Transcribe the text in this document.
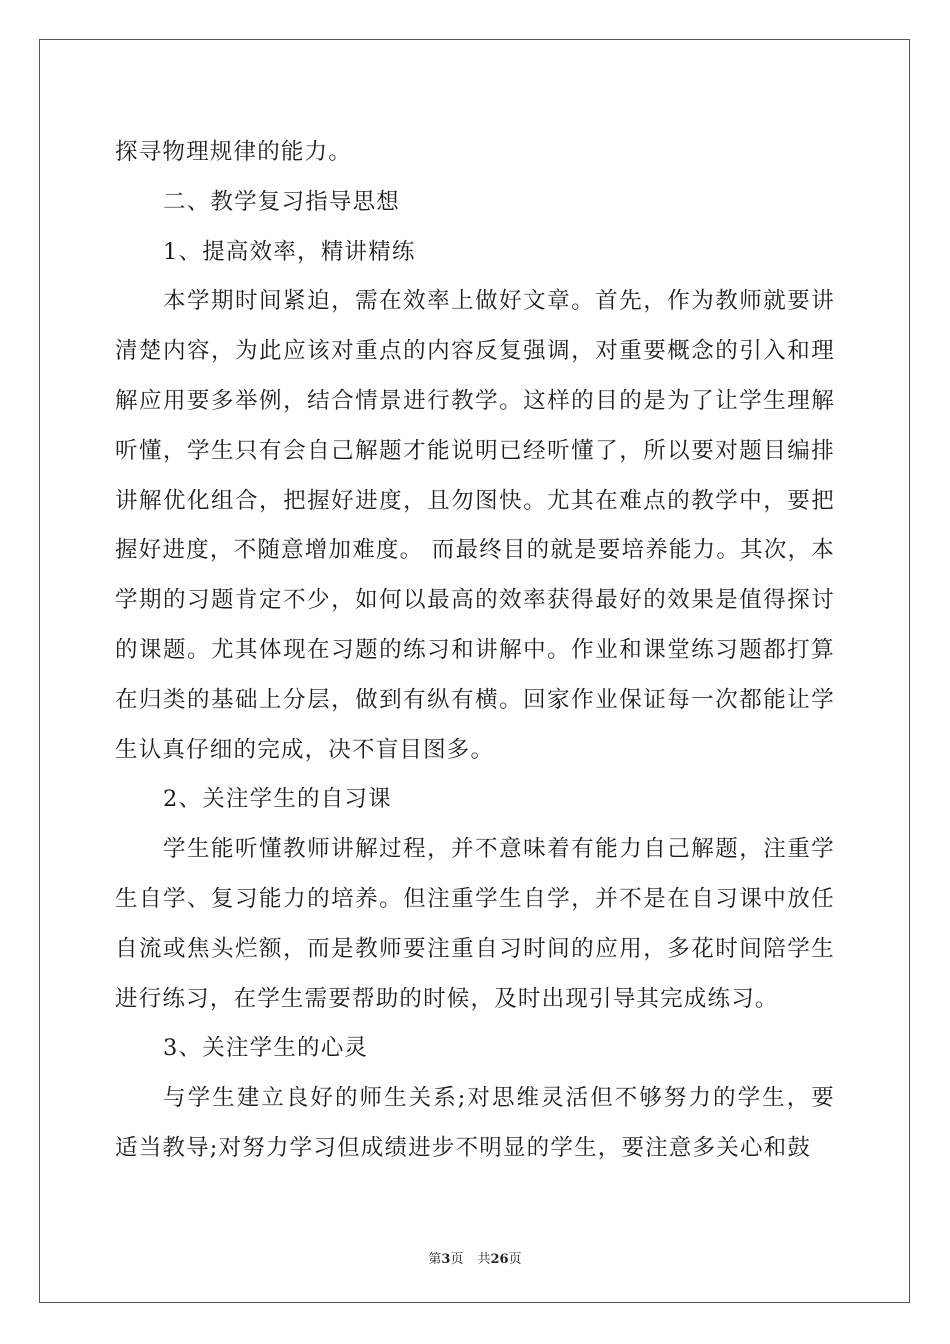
探寻物理规律的能力。

二、教学复习指导思想

1、提高效率，精讲精练

本学期时间紧迫，需在效率上做好文章。首先，作为教师就要讲清楚内容，为此应该对重点的内容反复强调，对重要概念的引入和理解应用要多举例，结合情景进行教学。这样的目的是为了让学生理解听懂，学生只有会自己解题才能说明已经听懂了，所以要对题目编排讲解优化组合，把握好进度，且勿图快。尤其在难点的教学中，要把握好进度，不随意增加难度。 而最终目的就是要培养能力。其次，本学期的习题肯定不少，如何以最高的效率获得最好的效果是值得探讨的课题。尤其体现在习题的练习和讲解中。作业和课堂练习题都打算在归类的基础上分层，做到有纵有横。回家作业保证每一次都能让学生认真仔细的完成，决不盲目图多。

2、关注学生的自习课

学生能听懂教师讲解过程，并不意味着有能力自己解题，注重学生自学、复习能力的培养。但注重学生自学，并不是在自习课中放任自流或焦头烂额，而是教师要注重自习时间的应用，多花时间陪学生进行练习，在学生需要帮助的时候，及时出现引导其完成练习。

3、关注学生的心灵

与学生建立良好的师生关系;对思维灵活但不够努力的学生，要适当教导;对努力学习但成绩进步不明显的学生，要注意多关心和鼓

第3页 共26页
